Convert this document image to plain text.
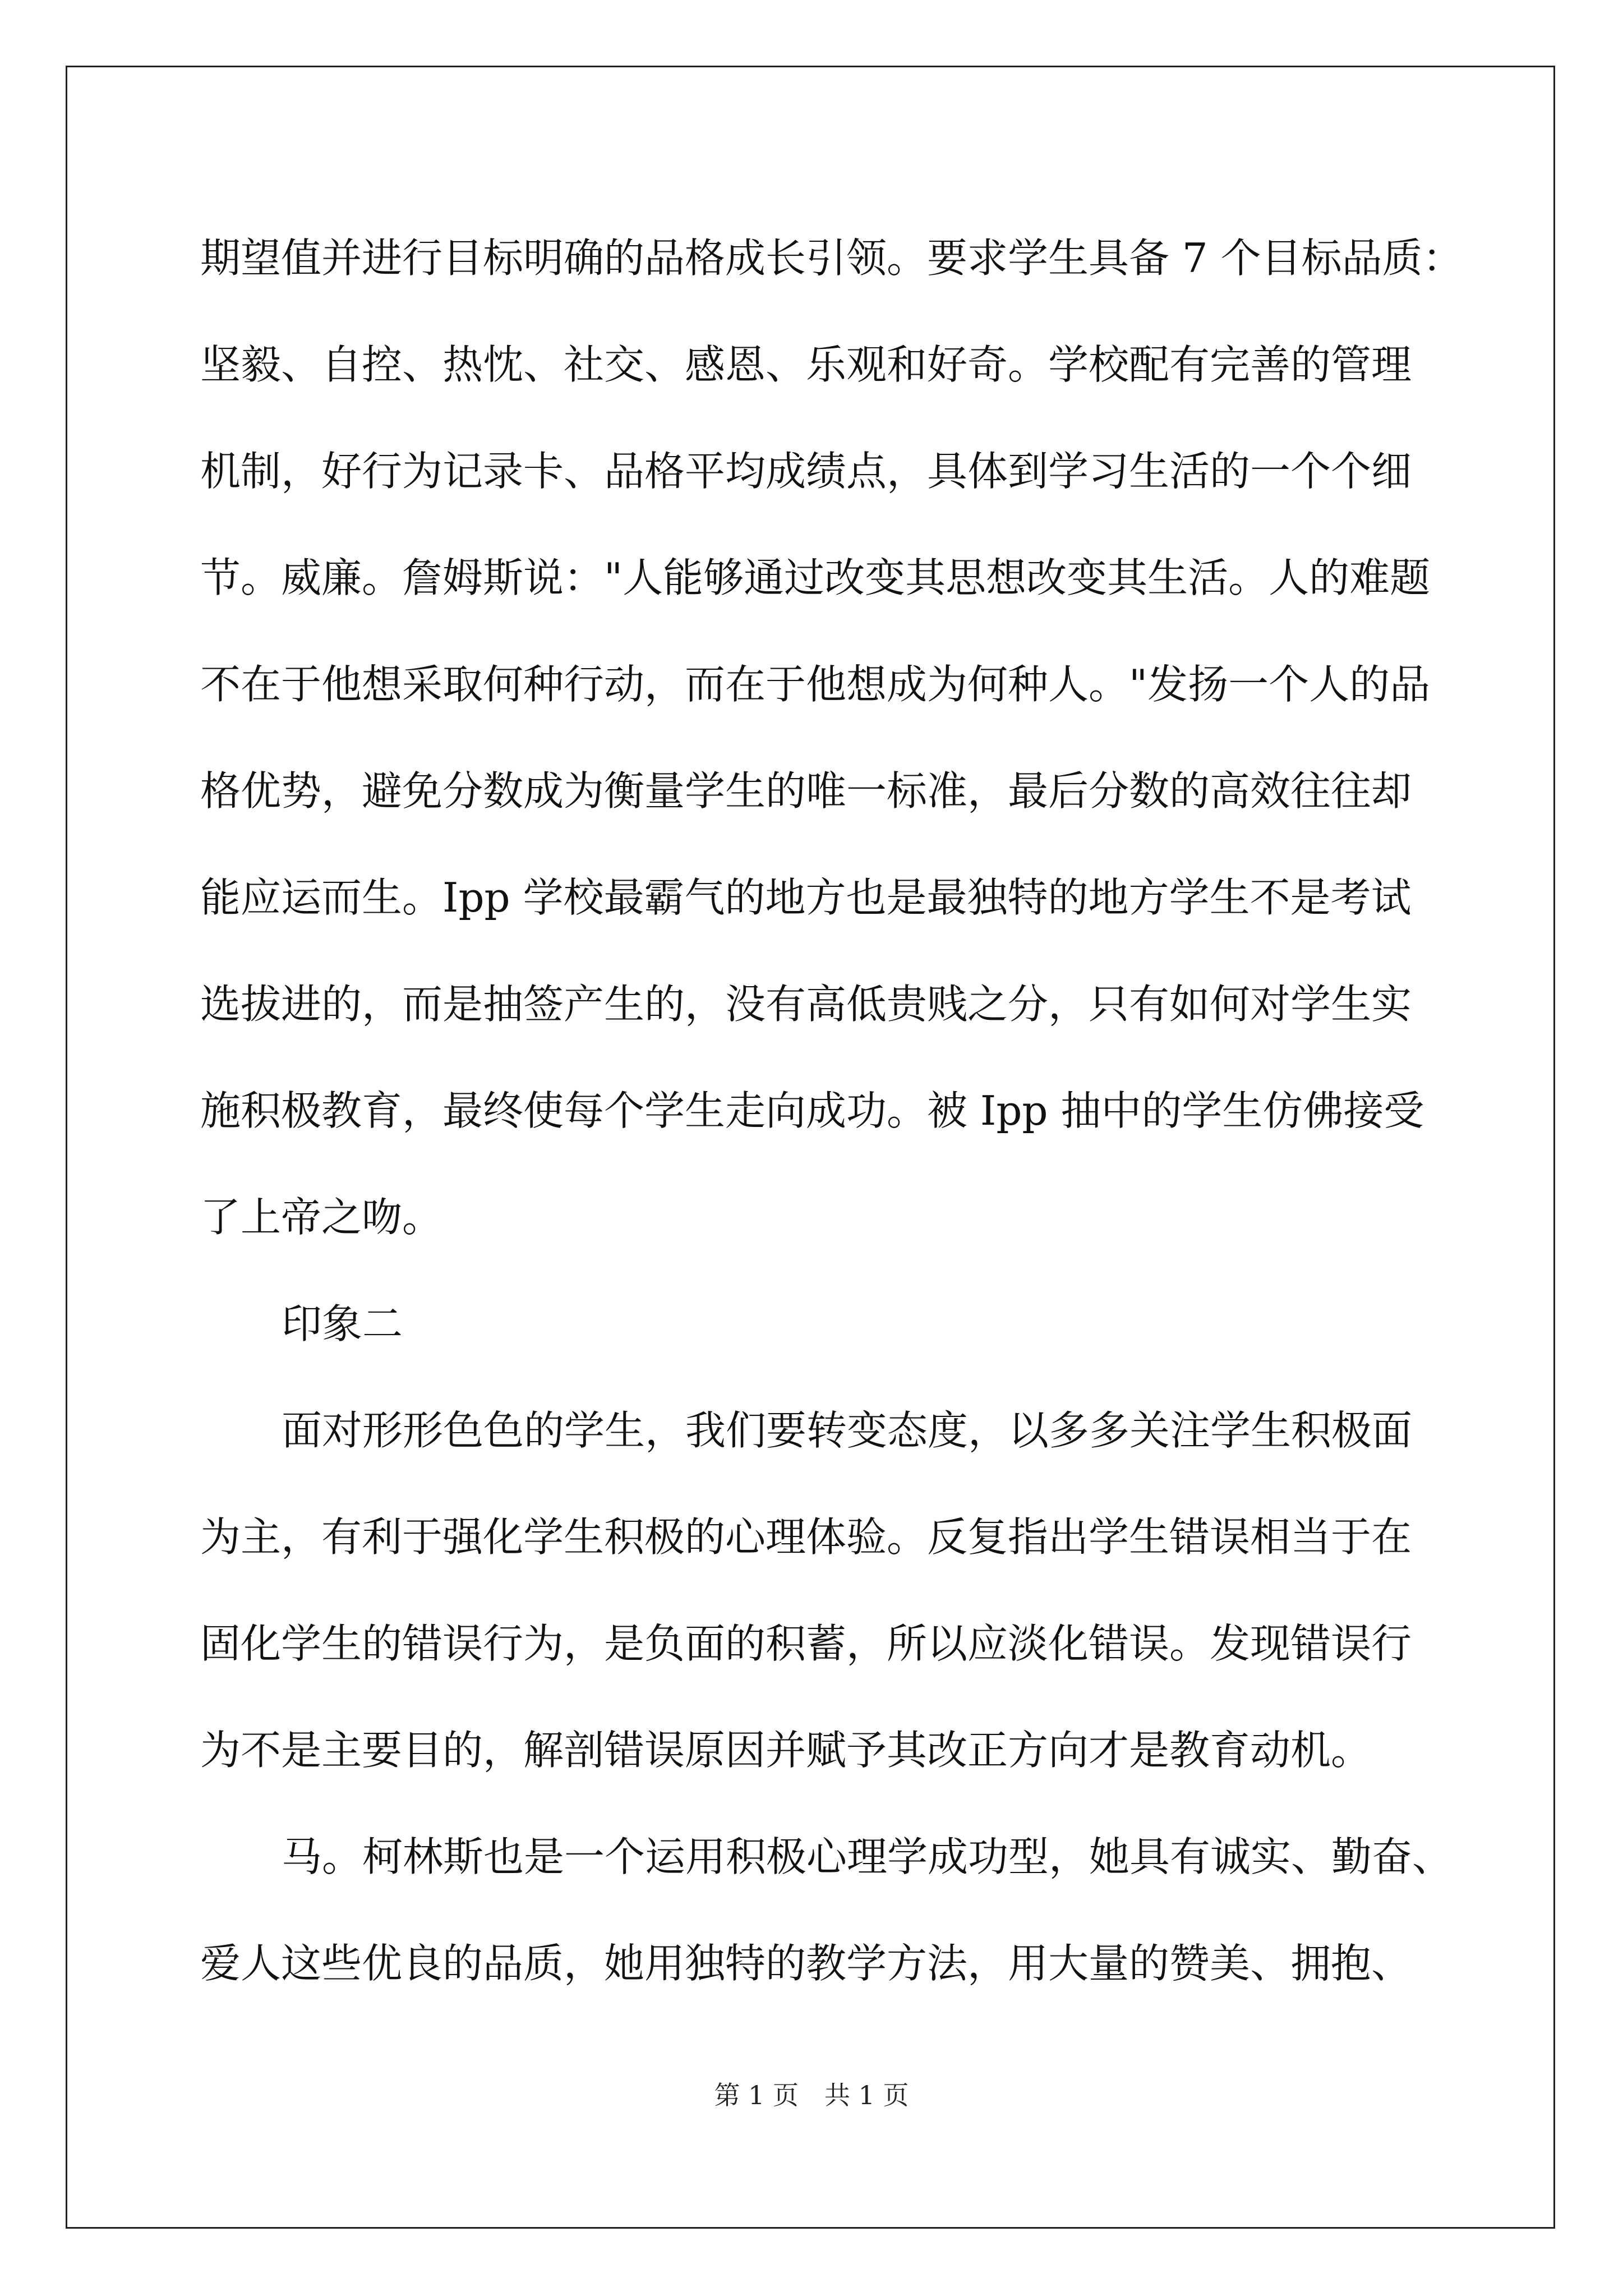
期望值并进行目标明确的品格成长引领。要求学生具备 7 个目标品质：
坚毅、自控、热忱、社交、感恩、乐观和好奇。学校配有完善的管理
机制，好行为记录卡、品格平均成绩点，具体到学习生活的一个个细
节。威廉。詹姆斯说："人能够通过改变其思想改变其生活。人的难题
不在于他想采取何种行动，而在于他想成为何种人。"发扬一个人的品
格优势，避免分数成为衡量学生的唯一标准，最后分数的高效往往却
能应运而生。Ipp 学校最霸气的地方也是最独特的地方学生不是考试
选拔进的，而是抽签产生的，没有高低贵贱之分，只有如何对学生实
施积极教育，最终使每个学生走向成功。被 Ipp 抽中的学生仿佛接受
了上帝之吻。
印象二
面对形形色色的学生，我们要转变态度，以多多关注学生积极面
为主，有利于强化学生积极的心理体验。反复指出学生错误相当于在
固化学生的错误行为，是负面的积蓄，所以应淡化错误。发现错误行
为不是主要目的，解剖错误原因并赋予其改正方向才是教育动机。
马。柯林斯也是一个运用积极心理学成功型，她具有诚实、勤奋、
爱人这些优良的品质，她用独特的教学方法，用大量的赞美、拥抱、
第 1 页　共 1 页
